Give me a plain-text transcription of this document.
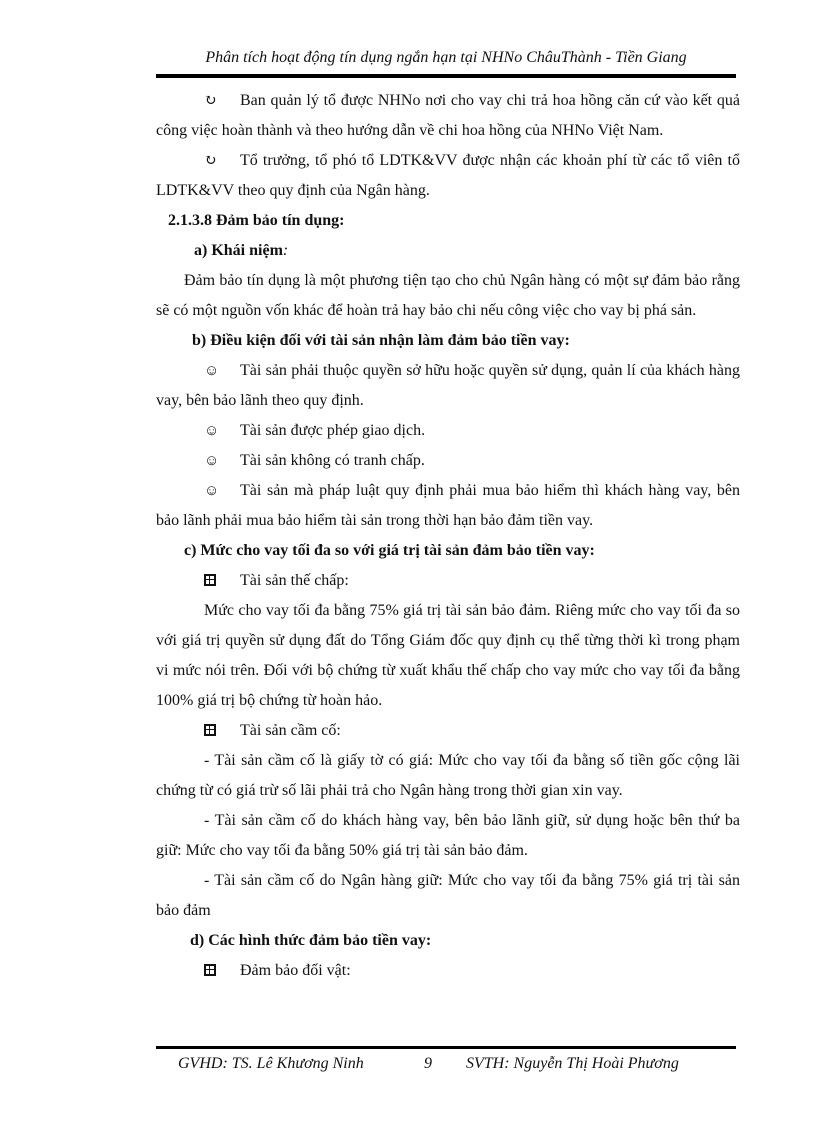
Phân tích hoạt động tín dụng ngắn hạn tại NHNo ChâuThành - Tiền Giang

↻ Ban quản lý tổ được NHNo nơi cho vay chi trả hoa hồng căn cứ vào kết quả công việc hoàn thành và theo hướng dẫn về chi hoa hồng của NHNo Việt Nam.

↻ Tổ trưởng, tổ phó tổ LDTK&VV được nhận các khoản phí từ các tổ viên tổ LDTK&VV theo quy định của Ngân hàng.

2.1.3.8 Đảm bảo tín dụng:

a) Khái niệm:

Đảm bảo tín dụng là một phương tiện tạo cho chủ Ngân hàng có một sự đảm bảo rằng sẽ có một nguồn vốn khác để hoàn trả hay bảo chi nếu công việc cho vay bị phá sản.

b) Điều kiện đối với tài sản nhận làm đảm bảo tiền vay:

☺ Tài sản phải thuộc quyền sở hữu hoặc quyền sử dụng, quản lí của khách hàng vay, bên bảo lãnh theo quy định.

☺ Tài sản được phép giao dịch.

☺ Tài sản không có tranh chấp.

☺ Tài sản mà pháp luật quy định phải mua bảo hiểm thì khách hàng vay, bên bảo lãnh phải mua bảo hiểm tài sản trong thời hạn bảo đảm tiền vay.

c) Mức cho vay tối đa so với giá trị tài sản đảm bảo tiền vay:

Tài sản thế chấp:

Mức cho vay tối đa bằng 75% giá trị tài sản bảo đảm. Riêng mức cho vay tối đa so với giá trị quyền sử dụng đất do Tổng Giám đốc quy định cụ thể từng thời kì trong phạm vi mức nói trên. Đối với bộ chứng từ xuất khẩu thế chấp cho vay mức cho vay tối đa bằng 100% giá trị bộ chứng từ hoàn hảo.

Tài sản cầm cố:

- Tài sản cầm cố là giấy tờ có giá: Mức cho vay tối đa bằng số tiền gốc cộng lãi chứng từ có giá trừ số lãi phải trả cho Ngân hàng trong thời gian xin vay.

- Tài sản cầm cố do khách hàng vay, bên bảo lãnh giữ, sử dụng hoặc bên thứ ba giữ: Mức cho vay tối đa bằng 50% giá trị tài sản bảo đảm.

- Tài sản cầm cố do Ngân hàng giữ: Mức cho vay tối đa bằng 75% giá trị tài sản bảo đảm

d) Các hình thức đảm bảo tiền vay:

Đảm bảo đối vật:

GVHD: TS. Lê Khương Ninh	9 SVTH: Nguyễn Thị Hoài Phương
